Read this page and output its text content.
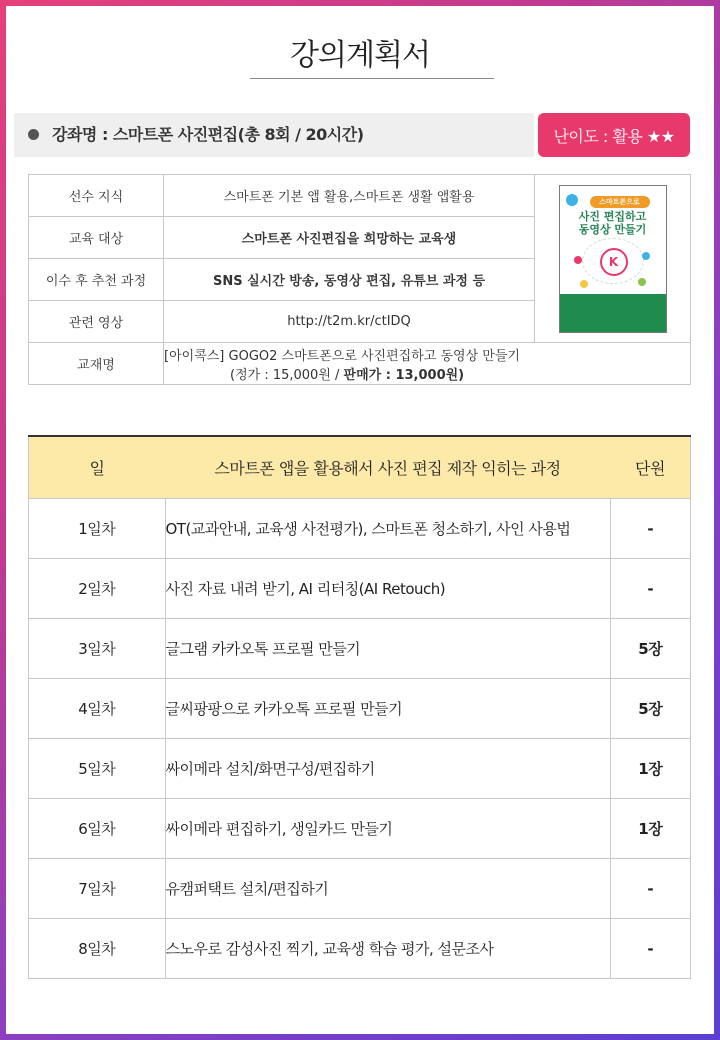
강의계획서
강좌명 : 스마트폰 사진편집(총 8회 / 20시간)	난이도 : 활용 ★★
선수 지식	스마트폰 기본 앱 활용,스마트폰 생활 앱활용	스마트폰으로
사진 편집하고
동영상 만들기
K

교육 대상	스마트폰 사진편집을 희망하는 교육생	
이수 후 추천 과정	SNS 실시간 방송, 동영상 편집, 유튜브 과정 등	
관련 영상	http://t2m.kr/ctIDQ	
교재명	[아이콕스] GOGO2 스마트폰으로 사진편집하고 동영상 만들기
(정가 : 15,000원 / 판매가 : 13,000원)	
일	스마트폰 앱을 활용해서 사진 편집 제작 익히는 과정	단원
1일차	OT(교과안내, 교육생 사전평가), 스마트폰 청소하기, 사인 사용법	-
2일차	사진 자료 내려 받기, AI 리터칭(AI Retouch)	-
3일차	글그램 카카오톡 프로필 만들기	5장
4일차	글씨팡팡으로 카카오톡 프로필 만들기	5장
5일차	싸이메라 설치/화면구성/편집하기	1장
6일차	싸이메라 편집하기, 생일카드 만들기	1장
7일차	유캠퍼택트 설치/편집하기	-
8일차	스노우로 감성사진 찍기, 교육생 학습 평가, 설문조사	-
